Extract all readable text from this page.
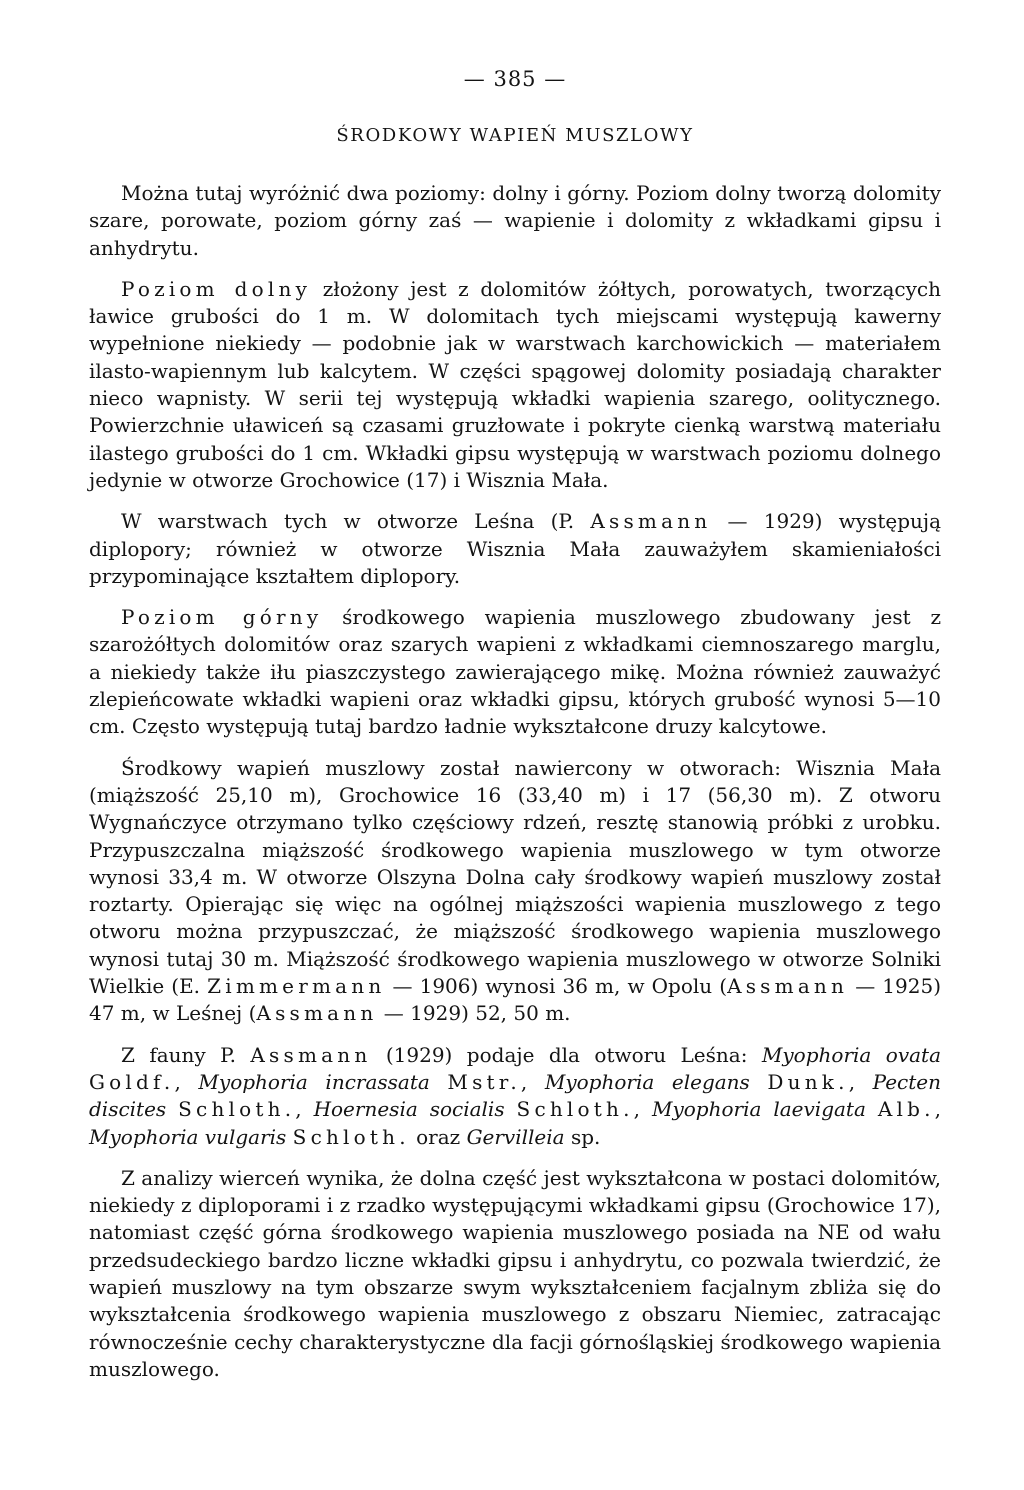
— 385 —
ŚRODKOWY WAPIEŃ MUSZLOWY

Można tutaj wyróżnić dwa poziomy: dolny i górny. Poziom dolny tworzą dolomity szare, porowate, poziom górny zaś — wapienie i dolomity z wkładkami gipsu i anhydrytu.

Poziom dolny złożony jest z dolomitów żółtych, porowatych, tworzących ławice grubości do 1 m. W dolomitach tych miejscami występują kawerny wypełnione niekiedy — podobnie jak w warstwach karchowickich — materiałem ilasto-wapiennym lub kalcytem. W części spągowej dolomity posiadają charakter nieco wapnisty. W serii tej występują wkładki wapienia szarego, oolitycznego. Powierzchnie uławiceń są czasami gruzłowate i pokryte cienką warstwą materiału ilastego grubości do 1 cm. Wkładki gipsu występują w warstwach poziomu dolnego jedynie w otworze Grochowice (17) i Wisznia Mała.

W warstwach tych w otworze Leśna (P. Assmann — 1929) występują diplopory; również w otworze Wisznia Mała zauważyłem skamieniałości przypominające kształtem diplopory.

Poziom górny środkowego wapienia muszlowego zbudowany jest z szarożółtych dolomitów oraz szarych wapieni z wkładkami ciemnoszarego marglu, a niekiedy także iłu piaszczystego zawierającego mikę. Można również zauważyć zlepieńcowate wkładki wapieni oraz wkładki gipsu, których grubość wynosi 5—10 cm. Często występują tutaj bardzo ładnie wykształcone druzy kalcytowe.

Środkowy wapień muszlowy został nawiercony w otworach: Wisznia Mała (miąższość 25,10 m), Grochowice 16 (33,40 m) i 17 (56,30 m). Z otworu Wygnańczyce otrzymano tylko częściowy rdzeń, resztę stanowią próbki z urobku. Przypuszczalna miąższość środkowego wapienia muszlowego w tym otworze wynosi 33,4 m. W otworze Olszyna Dolna cały środkowy wapień muszlowy został roztarty. Opierając się więc na ogólnej miąższości wapienia muszlowego z tego otworu można przypuszczać, że miąższość środkowego wapienia muszlowego wynosi tutaj 30 m. Miąższość środkowego wapienia muszlowego w otworze Solniki Wielkie (E. Zimmermann — 1906) wynosi 36 m, w Opolu (Assmann — 1925) 47 m, w Leśnej (Assmann — 1929) 52, 50 m.

Z fauny P. Assmann (1929) podaje dla otworu Leśna: Myophoria ovata Goldf., Myophoria incrassata Mstr., Myophoria elegans Dunk., Pecten discites Schloth., Hoernesia socialis Schloth., Myophoria laevigata Alb., Myophoria vulgaris Schloth. oraz Gervilleia sp.

Z analizy wierceń wynika, że dolna część jest wykształcona w postaci dolomitów, niekiedy z diploporami i z rzadko występującymi wkładkami gipsu (Grochowice 17), natomiast część górna środkowego wapienia muszlowego posiada na NE od wału przedsudeckiego bardzo liczne wkładki gipsu i anhydrytu, co pozwala twierdzić, że wapień muszlowy na tym obszarze swym wykształceniem facjalnym zbliża się do wykształcenia środkowego wapienia muszlowego z obszaru Niemiec, zatracając równocześnie cechy charakterystyczne dla facji górnośląskiej środkowego wapienia muszlowego.
